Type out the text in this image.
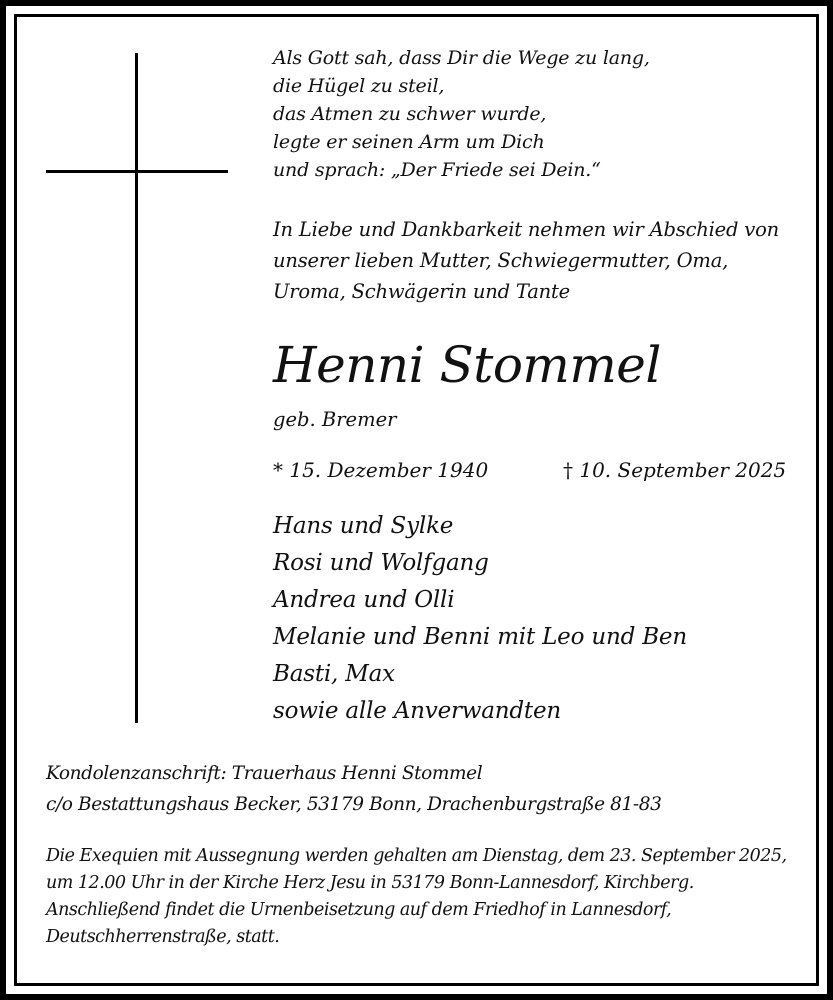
Als Gott sah, dass Dir die Wege zu lang,
die Hügel zu steil,
das Atmen zu schwer wurde,
legte er seinen Arm um Dich
und sprach: „Der Friede sei Dein.“
In Liebe und Dankbarkeit nehmen wir Abschied von
unserer lieben Mutter, Schwiegermutter, Oma,
Uroma, Schwägerin und Tante
Henni Stommel
geb. Bremer
* 15. Dezember 1940	† 10. September 2025
Hans und Sylke
Rosi und Wolfgang
Andrea und Olli
Melanie und Benni mit Leo und Ben
Basti, Max
sowie alle Anverwandten
Kondolenzanschrift: Trauerhaus Henni Stommel
c/o Bestattungshaus Becker, 53179 Bonn, Drachenburgstraße 81-83
Die Exequien mit Aussegnung werden gehalten am Dienstag, dem 23. September 2025,
um 12.00 Uhr in der Kirche Herz Jesu in 53179 Bonn-Lannesdorf, Kirchberg.
Anschließend findet die Urnenbeisetzung auf dem Friedhof in Lannesdorf,
Deutschherrenstraße, statt.
